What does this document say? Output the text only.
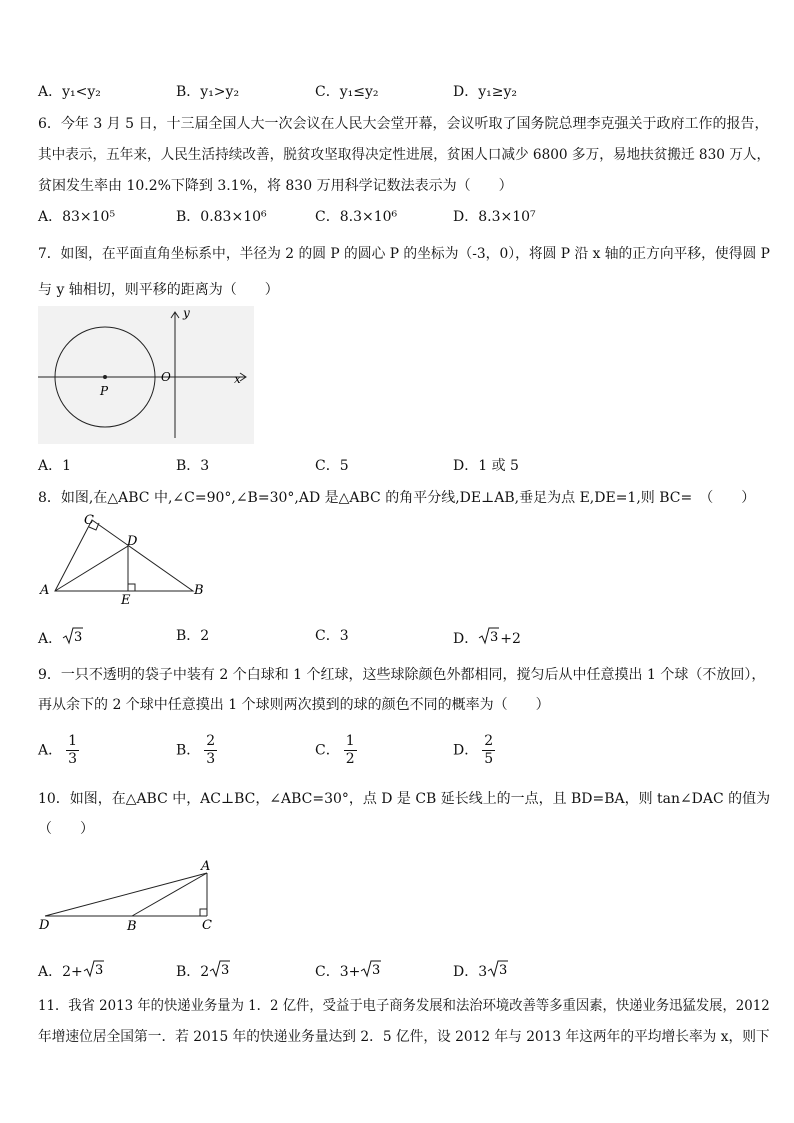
A．y₁<y₂	B．y₁>y₂	C．y₁≤y₂	D．y₁≥y₂
6．今年 3 月 5 日，十三届全国人大一次会议在人民大会堂开幕，会议听取了国务院总理李克强关于政府工作的报告，
其中表示，五年来，人民生活持续改善，脱贫攻坚取得决定性进展，贫困人口减少 6800 多万，易地扶贫搬迁 830 万人，
贫困发生率由 10.2%下降到 3.1%，将 830 万用科学记数法表示为（　　）
A．83×10⁵	B．0.83×10⁶	C．8.3×10⁶	D．8.3×10⁷
7．如图，在平面直角坐标系中，半径为 2 的圆 P 的圆心 P 的坐标为（-3，0），将圆 P 沿 x 轴的正方向平移，使得圆 P
与 y 轴相切，则平移的距离为（　　）
P
O	x
y
A．1	B．3	C．5	D．1 或 5
8．如图,在△ABC 中,∠C=90°,∠B=30°,AD 是△ABC 的角平分线,DE⊥AB,垂足为点 E,DE=1,则 BC=　（　　）
C
D
A
E
B
A． 3	B．2	C．3	D． 3 +2
9．一只不透明的袋子中装有 2 个白球和 1 个红球，这些球除颜色外都相同，搅匀后从中任意摸出 1 个球（不放回），
再从余下的 2 个球中任意摸出 1 个球则两次摸到的球的颜色不同的概率为（　　）
A． $\frac{1}{3}$	B． $\frac{2}{3}$	C． $\frac{1}{2}$	D． $\frac{2}{5}$
10．如图，在△ABC 中，AC⊥BC，∠ABC=30°，点 D 是 CB 延长线上的一点，且 BD=BA，则 tan∠DAC 的值为
（　　）
A
D	B	C
A．2+ 3	B．2 3	C．3+ 3	D．3 3
11．我省 2013 年的快递业务量为 1．2 亿件，受益于电子商务发展和法治环境改善等多重因素，快递业务迅猛发展，2012
年增速位居全国第一．若 2015 年的快递业务量达到 2．5 亿件，设 2012 年与 2013 年这两年的平均增长率为 x，则下
